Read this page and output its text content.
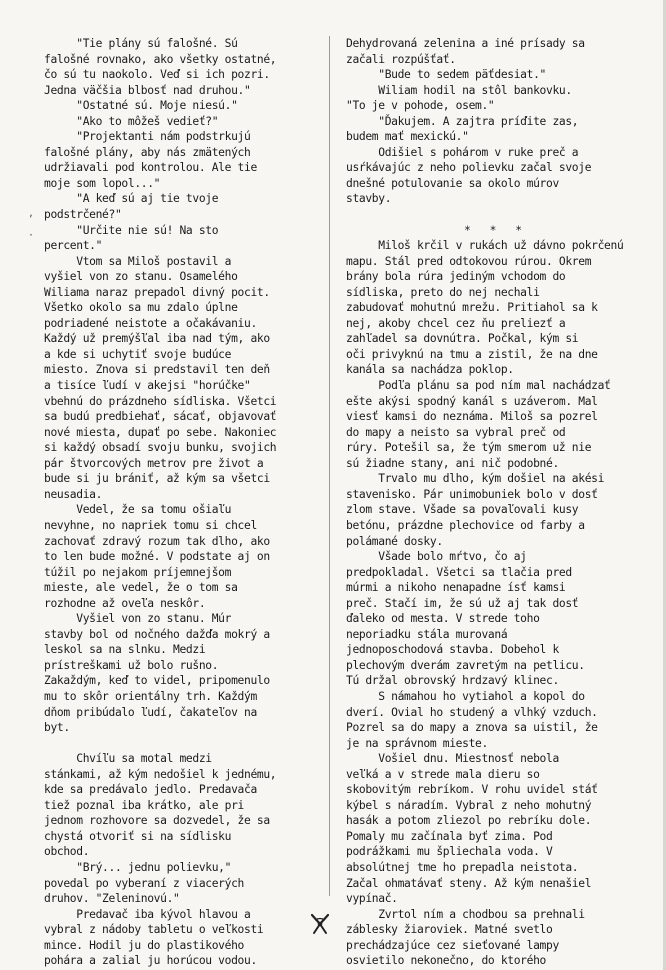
"Tie plány sú falošné. Sú
falošné rovnako, ako všetky ostatné,
čo sú tu naokolo. Veď si ich pozri.
Jedna väčšia blbosť nad druhou."
"Ostatné sú. Moje niesú."
"Ako to môžeš vedieť?"
"Projektanti nám podstrkujú
falošné plány, aby nás zmätených
udržiavali pod kontrolou. Ale tie
moje som lopol..."
"A keď sú aj tie tvoje
podstrčené?"
"Určite nie sú! Na sto
percent."
Vtom sa Miloš postavil a
vyšiel von zo stanu. Osamelého
Wiliama naraz prepadol divný pocit.
Všetko okolo sa mu zdalo úplne
podriadené neistote a očakávaniu.
Každý už premýšľal iba nad tým, ako
a kde si uchytiť svoje budúce
miesto. Znova si predstavil ten deň
a tisíce ľudí v akejsi "horúčke"
vbehnú do prázdneho sídliska. Všetci
sa budú predbiehať, sácať, objavovať
nové miesta, dupať po sebe. Nakoniec
si každý obsadí svoju bunku, svojich
pár štvorcových metrov pre život a
bude si ju brániť, až kým sa všetci
neusadia.
Vedel, že sa tomu ošiaľu
nevyhne, no napriek tomu si chcel
zachovať zdravý rozum tak dlho, ako
to len bude možné. V podstate aj on
túžil po nejakom príjemnejšom
mieste, ale vedel, že o tom sa
rozhodne až oveľa neskôr.
Vyšiel von zo stanu. Múr
stavby bol od nočného dažďa mokrý a
leskol sa na slnku. Medzi
prístreškami už bolo rušno.
Zakaždým, keď to videl, pripomenulo
mu to skôr orientálny trh. Každým
dňom pribúdalo ľudí, čakateľov na
byt.
Chvíľu sa motal medzi
stánkami, až kým nedošiel k jednému,
kde sa predávalo jedlo. Predavača
tiež poznal iba krátko, ale pri
jednom rozhovore sa dozvedel, že sa
chystá otvoriť si na sídlisku
obchod.
"Brý... jednu polievku,"
povedal po vyberaní z viacerých
druhov. "Zeleninovú."
Predavač iba kývol hlavou a
vybral z nádoby tabletu o veľkosti
mince. Hodil ju do plastikového
pohára a zalial ju horúcou vodou.
Dehydrovaná zelenina a iné prísady sa
začali rozpúšťať.
"Bude to sedem päťdesiat."
Wiliam hodil na stôl bankovku.
"To je v pohode, osem."
"Ďakujem. A zajtra príďite zas,
budem mať mexickú."
Odišiel s pohárom v ruke preč a
usŕkávajúc z neho polievku začal svoje
dnešné potulovanie sa okolo múrov
stavby.
* * *
Miloš krčil v rukách už dávno pokrčenú
mapu. Stál pred odtokovou rúrou. Okrem
brány bola rúra jediným vchodom do
sídliska, preto do nej nechali
zabudovať mohutnú mrežu. Pritiahol sa k
nej, akoby chcel cez ňu preliezť a
zahľadel sa dovnútra. Počkal, kým si
oči privyknú na tmu a zistil, že na dne
kanála sa nachádza poklop.
Podľa plánu sa pod ním mal nachádzať
ešte akýsi spodný kanál s uzáverom. Mal
viesť kamsi do neznáma. Miloš sa pozrel
do mapy a neisto sa vybral preč od
rúry. Potešil sa, že tým smerom už nie
sú žiadne stany, ani nič podobné.
Trvalo mu dlho, kým došiel na akési
stavenisko. Pár unimobuniek bolo v dosť
zlom stave. Všade sa povaľovali kusy
betónu, prázdne plechovice od farby a
polámané dosky.
Všade bolo mŕtvo, čo aj
predpokladal. Všetci sa tlačia pred
múrmi a nikoho nenapadne ísť kamsi
preč. Stačí im, že sú už aj tak dosť
ďaleko od mesta. V strede toho
neporiadku stála murovaná
jednoposchodová stavba. Dobehol k
plechovým dverám zavretým na petlicu.
Tú držal obrovský hrdzavý klinec.
S námahou ho vytiahol a kopol do
dverí. Ovial ho studený a vlhký vzduch.
Pozrel sa do mapy a znova sa uistil, že
je na správnom mieste.
Vošiel dnu. Miestnosť nebola
veľká a v strede mala dieru so
skobovitým rebríkom. V rohu uvidel stáť
kýbel s náradím. Vybral z neho mohutný
hasák a potom zliezol po rebríku dole.
Pomaly mu začínala byť zima. Pod
podrážkami mu špliechala voda. V
absolútnej tme ho prepadla neistota.
Začal ohmatávať steny. Až kým nenašiel
vypínač.
Zvrtol ním a chodbou sa prehnali
záblesky žiaroviek. Matné svetlo
prechádzajúce cez sieťované lampy
osvietilo nekonečno, do ktorého
,
·
